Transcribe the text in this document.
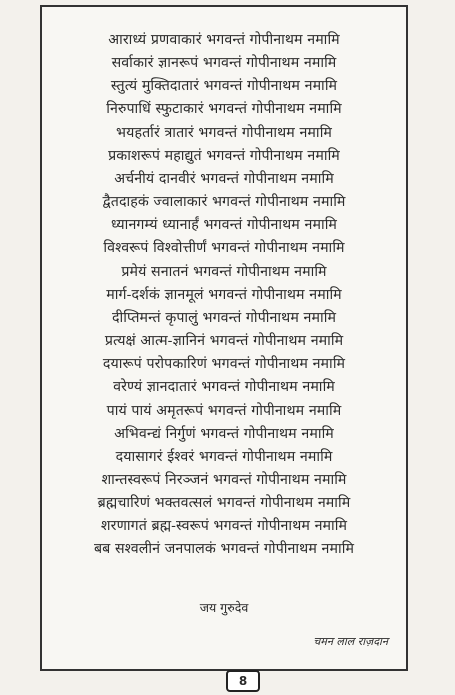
आराध्यं प्रणवाकारं भगवन्तं गोपीनाथम नमामि
सर्वाकारं ज्ञानरूपं भगवन्तं गोपीनाथम नमामि
स्तुत्यं मुक्तिदातारं भगवन्तं गोपीनाथम नमामि
निरुपाधिं स्फुटाकारं भगवन्तं गोपीनाथम नमामि
भयहर्तारं त्रातारं भगवन्तं गोपीनाथम नमामि
प्रकाशरूपं महाद्युतं भगवन्तं गोपीनाथम नमामि
अर्चनीयं दानवीरं भगवन्तं गोपीनाथम नमामि
द्वैतदाहकं ज्वालाकारं भगवन्तं गोपीनाथम नमामि
ध्यानगम्यं ध्यानार्हं भगवन्तं गोपीनाथम नमामि
विश्वरूपं विश्वोत्तीर्णं भगवन्तं गोपीनाथम नमामि
प्रमेयं सनातनं भगवन्तं गोपीनाथम नमामि
मार्ग-दर्शकं ज्ञानमूलं भगवन्तं गोपीनाथम नमामि
दीप्तिमन्तं कृपालुं भगवन्तं गोपीनाथम नमामि
प्रत्यक्षं आत्म-ज्ञानिनं भगवन्तं गोपीनाथम नमामि
दयारूपं परोपकारिणं भगवन्तं गोपीनाथम नमामि
वरेण्यं ज्ञानदातारं भगवन्तं गोपीनाथम नमामि
पायं पायं अमृतरूपं भगवन्तं गोपीनाथम नमामि
अभिवन्द्यं निर्गुणं भगवन्तं गोपीनाथम नमामि
दयासागरं ईश्वरं भगवन्तं गोपीनाथम नमामि
शान्तस्वरूपं निरञ्जनं भगवन्तं गोपीनाथम नमामि
ब्रह्मचारिणं भक्तवत्सलं भगवन्तं गोपीनाथम नमामि
शरणागतं ब्रह्म-स्वरूपं भगवन्तं गोपीनाथम नमामि
बब सश्वलीनं जनपालकं भगवन्तं गोपीनाथम नमामि
जय गुरुदेव
चमन लाल राज़दान
8
